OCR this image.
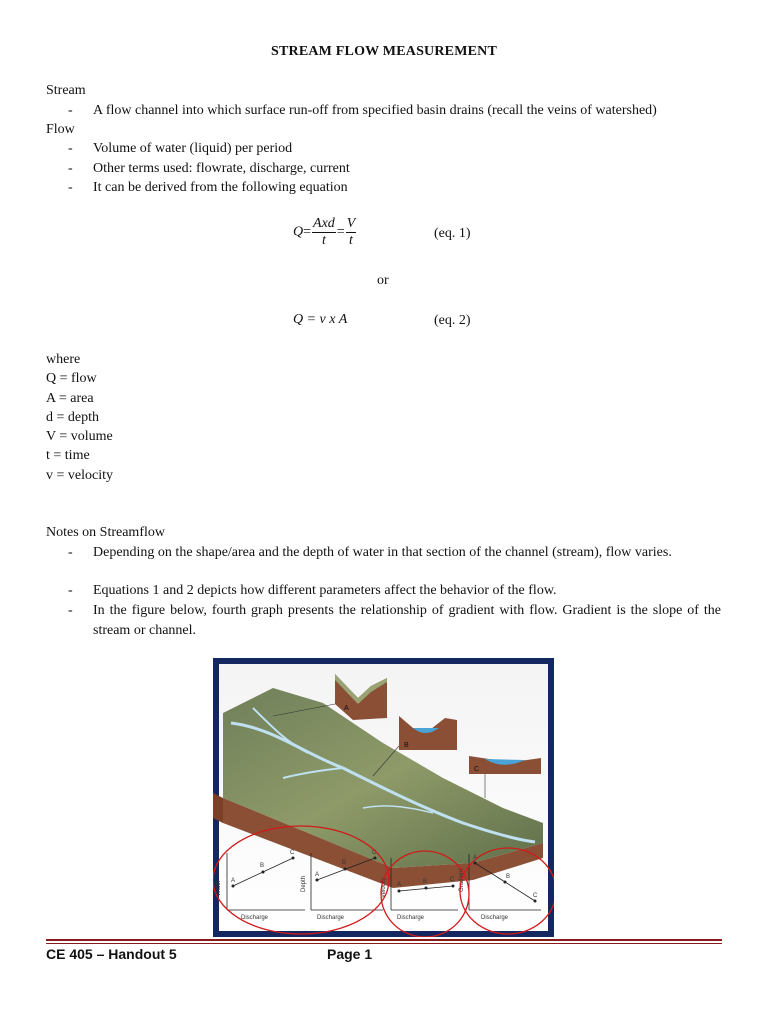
STREAM FLOW MEASUREMENT
Stream
- A flow channel into which surface run-off from specified basin drains (recall the veins of watershed)
Flow
- Volume of water (liquid) per period
- Other terms used: flowrate, discharge, current
- It can be derived from the following equation
$Q= \frac{\text{Axd}}{t} = \frac{V}{t}$	(eq. 1)
or
Q = v x A	(eq. 2)
where
Q = flow
A = area
d = depth
V = volume
t = time
v = velocity
Notes on Streamflow
- Depending on the shape/area and the depth of water in that section of the channel (stream), flow varies.
- Equations 1 and 2 depicts how different parameters affect the behavior of the flow.
- In the figure below, fourth graph presents the relationship of gradient with flow. Gradient is the slope of the stream or channel.
A
B
C
Width
Discharge
A
B
C
Depth
Discharge
A
B
C
Velocity
Discharge
A	B	C Gradient
Discharge
A
B
C
CE 405 – Handout 5	Page 1
